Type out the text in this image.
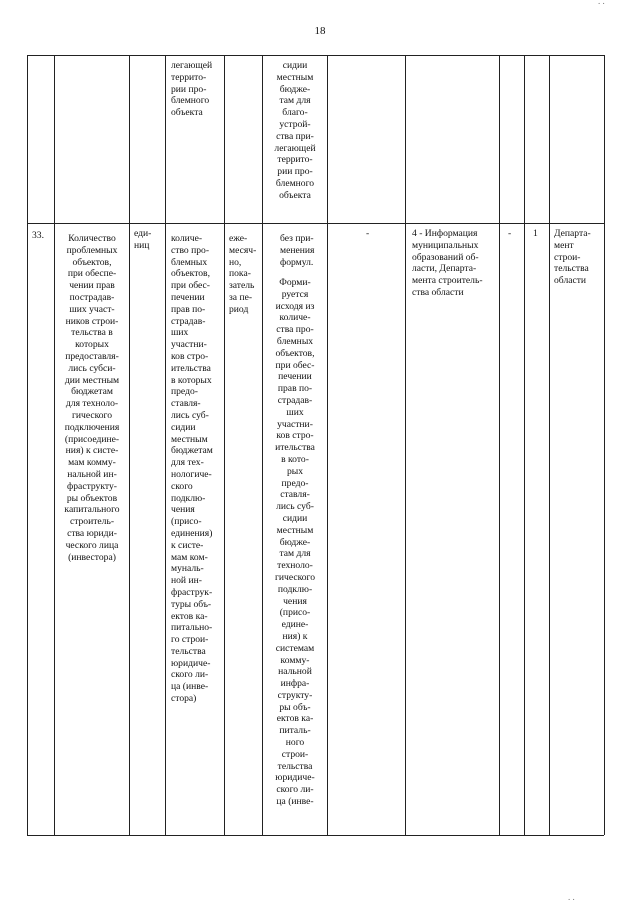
18
легающей
террито-
рии про-
блемного
объекта
сидии
местным
бюдже-
там для
благо-
устрой-
ства при-
легающей
террито-
рии про-
блемного
объекта
33.	Количество
проблемных
объектов,
при обеспе-
чении прав
пострадав-
ших участ-
ников строи-
тельства в
которых
предоставля-
лись субси-
дии местным
бюджетам
для техноло-
гического
подключения
(присоедине-
ния) к систе-
мам комму-
нальной ин-
фраструкту-
ры объектов
капитального
строитель-
ства юриди-
ческого лица
(инвестора)
еди-
ниц
количе-
ство про-
блемных
объектов,
при обес-
печении
прав по-
страдав-
ших
участни-
ков стро-
ительства
в которых
предо-
ставля-
лись суб-
сидии
местным
бюджетам
для тех-
нологиче-
ского
подклю-
чения
(присо-
единения)
к систе-
мам ком-
муналь-
ной ин-
фраструк-
туры объ-
ектов ка-
питально-
го строи-
тельства
юридиче-
ского ли-
ца (инве-
стора)
еже-
месяч-
но,
пока-
затель
за пе-
риод
без при-
менения
формул.
Форми-
руется
исходя из
количе-
ства про-
блемных
объектов,
при обес-
печении
прав по-
страдав-
ших
участни-
ков стро-
ительства
в кото-
рых
предо-
ставля-
лись суб-
сидии
местным
бюдже-
там для
техноло-
гического
подклю-
чения
(присо-
едине-
ния) к
системам
комму-
нальной
инфра-
структу-
ры объ-
ектов ка-
питаль-
ного
строи-
тельства
юридиче-
ского ли-
ца (инве-
-	4 - Информация
муниципальных
образований об-
ласти, Департа-
мента строитель-
ства области
- 1 Департа-
мент
строи-
тельства
области
. .
. .
